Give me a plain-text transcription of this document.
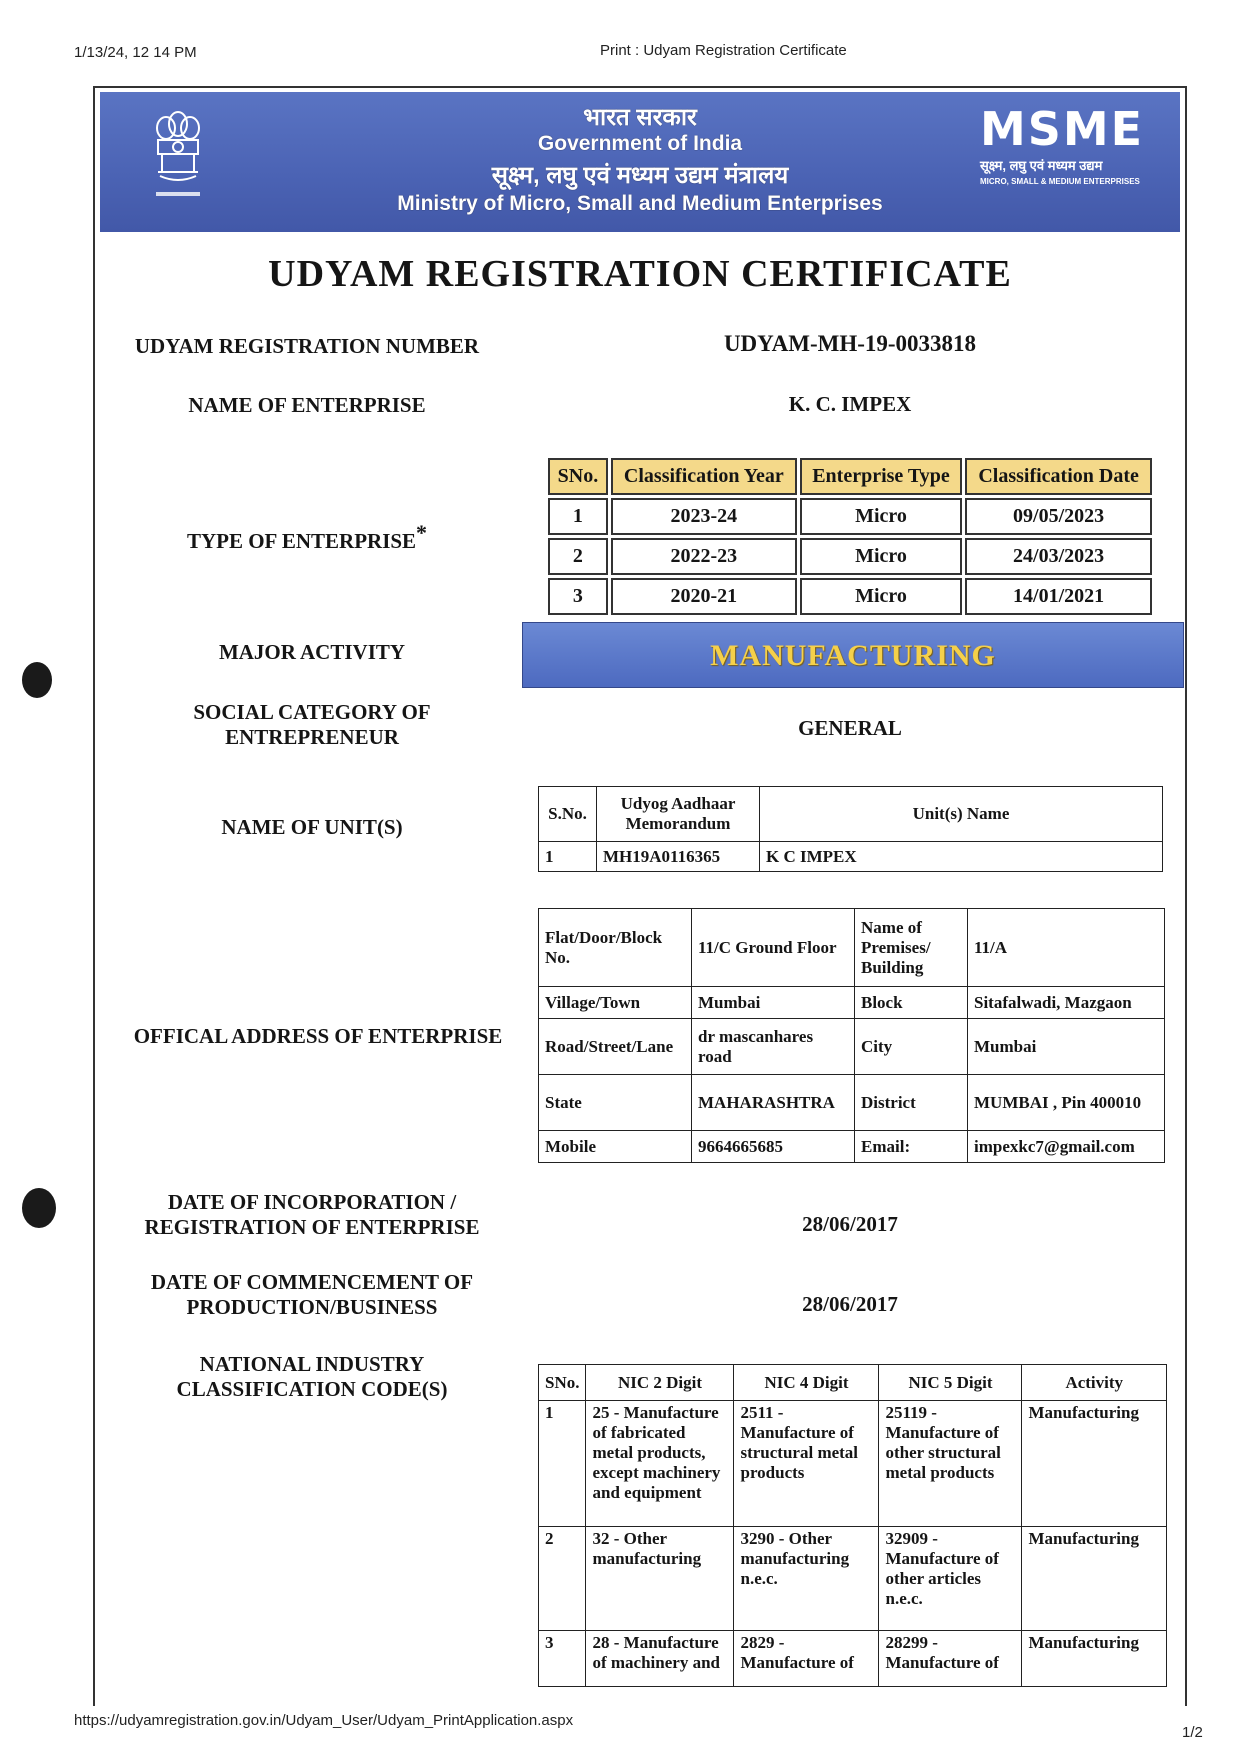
1/13/24, 12 14 PM	Print : Udyam Registration Certificate
भारत सरकार
Government of India
सूक्ष्म, लघु एवं मध्यम उद्यम मंत्रालय
Ministry of Micro, Small and Medium Enterprises
MSME
सूक्ष्म, लघु एवं मध्यम उद्यम
MICRO, SMALL & MEDIUM ENTERPRISES
UDYAM REGISTRATION CERTIFICATE
UDYAM REGISTRATION NUMBER	UDYAM-MH-19-0033818
NAME OF ENTERPRISE	K. C. IMPEX
TYPE OF ENTERPRISE*
SNo.	Classification Year	Enterprise Type	Classification Date
1	2023-24	Micro	09/05/2023
2	2022-23	Micro	24/03/2023
3	2020-21	Micro	14/01/2021
MAJOR ACTIVITY	MANUFACTURING
SOCIAL CATEGORY OF
ENTREPRENEUR	GENERAL
NAME OF UNIT(S)
S.No.	Udyog Aadhaar Memorandum	Unit(s) Name
1	MH19A0116365	K C IMPEX
OFFICAL ADDRESS OF ENTERPRISE
Flat/Door/Block No.	11/C Ground Floor	Name of Premises/ Building	11/A
Village/Town	Mumbai	Block	Sitafalwadi, Mazgaon
Road/Street/Lane	dr mascanhares road	City	Mumbai
State	MAHARASHTRA	District	MUMBAI , Pin 400010
Mobile	9664665685	Email:	impexkc7@gmail.com
DATE OF INCORPORATION /
REGISTRATION OF ENTERPRISE	28/06/2017
DATE OF COMMENCEMENT OF
PRODUCTION/BUSINESS	28/06/2017
NATIONAL INDUSTRY
CLASSIFICATION CODE(S)	SNo.	NIC 2 Digit	NIC 4 Digit	NIC 5 Digit	Activity
1	25 - Manufacture of fabricated metal products, except machinery and equipment	2511 - Manufacture of structural metal products	25119 - Manufacture of other structural metal products	Manufacturing
2	32 - Other manufacturing	3290 - Other manufacturing n.e.c.	32909 - Manufacture of other articles n.e.c.	Manufacturing
3	28 - Manufacture of machinery and	2829 - Manufacture of	28299 - Manufacture of	Manufacturing
https://udyamregistration.gov.in/Udyam_User/Udyam_PrintApplication.aspx
1/2
